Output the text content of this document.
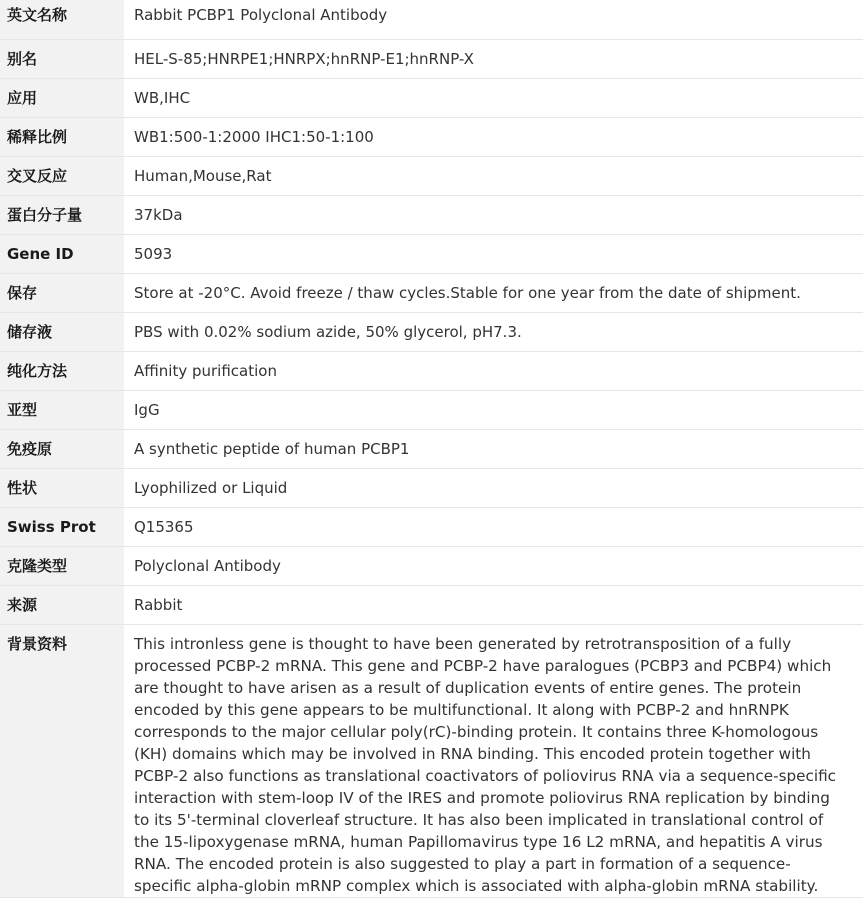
英文名称	Rabbit PCBP1 Polyclonal Antibody
别名	HEL-S-85;HNRPE1;HNRPX;hnRNP-E1;hnRNP-X
应用	WB,IHC
稀释比例	WB1:500-1:2000 IHC1:50-1:100
交叉反应	Human,Mouse,Rat
蛋白分子量	37kDa
Gene ID	5093
保存	Store at -20°C. Avoid freeze / thaw cycles.Stable for one year from the date of shipment.
储存液	PBS with 0.02% sodium azide, 50% glycerol, pH7.3.
纯化方法	Affinity purification
亚型	IgG
免疫原	A synthetic peptide of human PCBP1
性状	Lyophilized or Liquid
Swiss Prot	Q15365
克隆类型	Polyclonal Antibody
来源	Rabbit
背景资料	This intronless gene is thought to have been generated by retrotransposition of a fully processed PCBP-2 mRNA. This gene and PCBP-2 have paralogues (PCBP3 and PCBP4) which are thought to have arisen as a result of duplication events of entire genes. The protein encoded by this gene appears to be multifunctional. It along with PCBP-2 and hnRNPK corresponds to the major cellular poly(rC)-binding protein. It contains three K-homologous (KH) domains which may be involved in RNA binding. This encoded protein together with PCBP-2 also functions as translational coactivators of poliovirus RNA via a sequence-specific interaction with stem-loop IV of the IRES and promote poliovirus RNA replication by binding to its 5'-terminal cloverleaf structure. It has also been implicated in translational control of the 15-lipoxygenase mRNA, human Papillomavirus type 16 L2 mRNA, and hepatitis A virus RNA. The encoded protein is also suggested to play a part in formation of a sequence-specific alpha-globin mRNP complex which is associated with alpha-globin mRNA stability.
